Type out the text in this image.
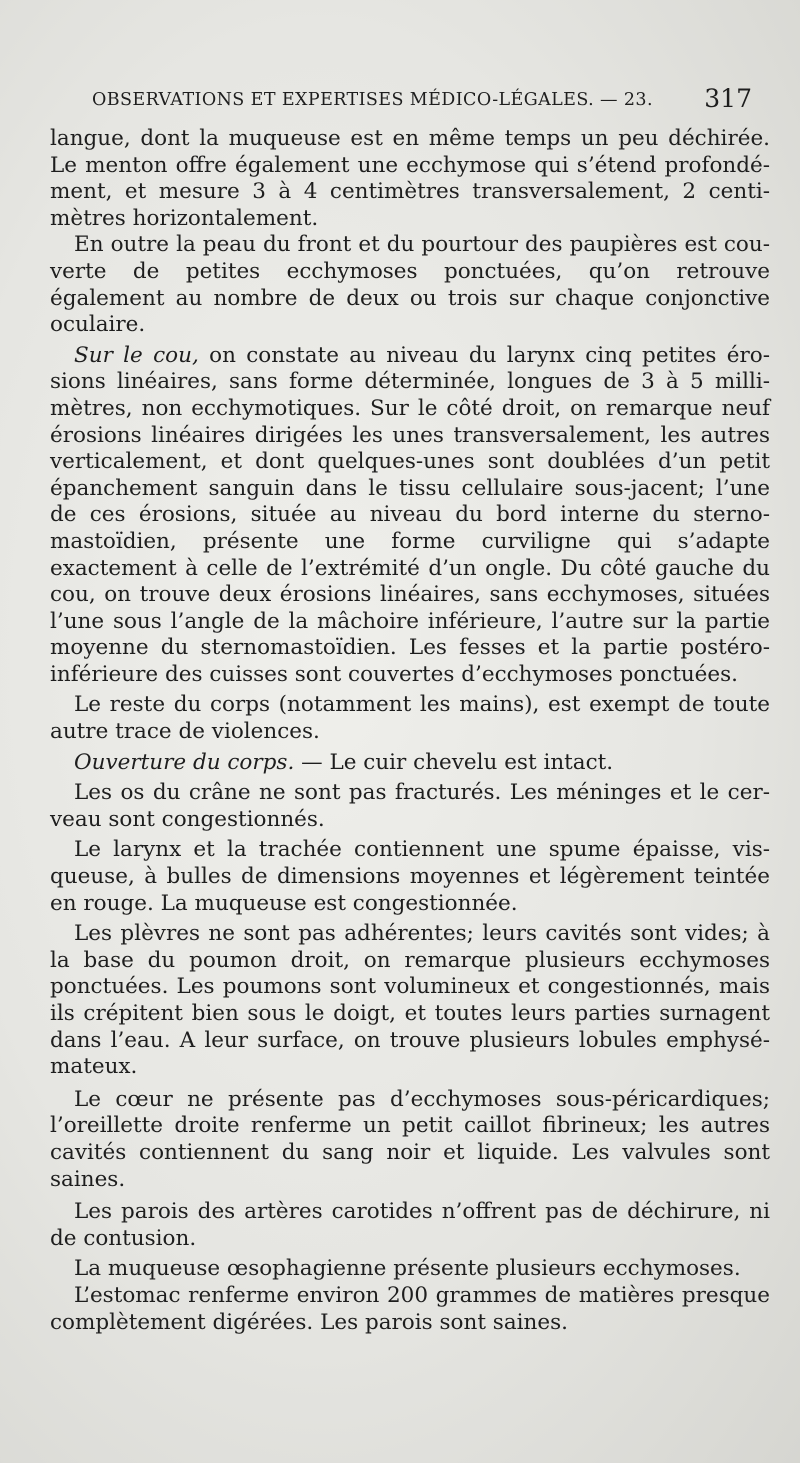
OBSERVATIONS ET EXPERTISES MÉDICO-LÉGALES. — 23. 317

langue, dont la muqueuse est en même temps un peu déchirée. Le menton offre également une ecchymose qui s’étend profondément, et mesure 3 à 4 centimètres transversalement, 2 centimètres horizontalement.

En outre la peau du front et du pourtour des paupières est couverte de petites ecchymoses ponctuées, qu’on retrouve également au nombre de deux ou trois sur chaque conjonctive oculaire.

Sur le cou, on constate au niveau du larynx cinq petites érosions linéaires, sans forme déterminée, longues de 3 à 5 millimètres, non ecchymotiques. Sur le côté droit, on remarque neuf érosions linéaires dirigées les unes transversalement, les autres verticalement, et dont quelques-unes sont doublées d’un petit épanchement sanguin dans le tissu cellulaire sous-jacent; l’une de ces érosions, située au niveau du bord interne du sterno-mastoïdien, présente une forme curviligne qui s’adapte exactement à celle de l’extrémité d’un ongle. Du côté gauche du cou, on trouve deux érosions linéaires, sans ecchymoses, situées l’une sous l’angle de la mâchoire inférieure, l’autre sur la partie moyenne du sternomastoïdien. Les fesses et la partie postéro-inférieure des cuisses sont couvertes d’ecchymoses ponctuées.

Le reste du corps (notamment les mains), est exempt de toute autre trace de violences.

Ouverture du corps. — Le cuir chevelu est intact.

Les os du crâne ne sont pas fracturés. Les méninges et le cerveau sont congestionnés.

Le larynx et la trachée contiennent une spume épaisse, visqueuse, à bulles de dimensions moyennes et légèrement teintée en rouge. La muqueuse est congestionnée.

Les plèvres ne sont pas adhérentes; leurs cavités sont vides; à la base du poumon droit, on remarque plusieurs ecchymoses ponctuées. Les poumons sont volumineux et congestionnés, mais ils crépitent bien sous le doigt, et toutes leurs parties surnagent dans l’eau. A leur surface, on trouve plusieurs lobules emphysémateux.

Le cœur ne présente pas d’ecchymoses sous-péricardiques; l’oreillette droite renferme un petit caillot fibrineux; les autres cavités contiennent du sang noir et liquide. Les valvules sont saines.

Les parois des artères carotides n’offrent pas de déchirure, ni de contusion.

La muqueuse œsophagienne présente plusieurs ecchymoses.

L’estomac renferme environ 200 grammes de matières presque complètement digérées. Les parois sont saines.
